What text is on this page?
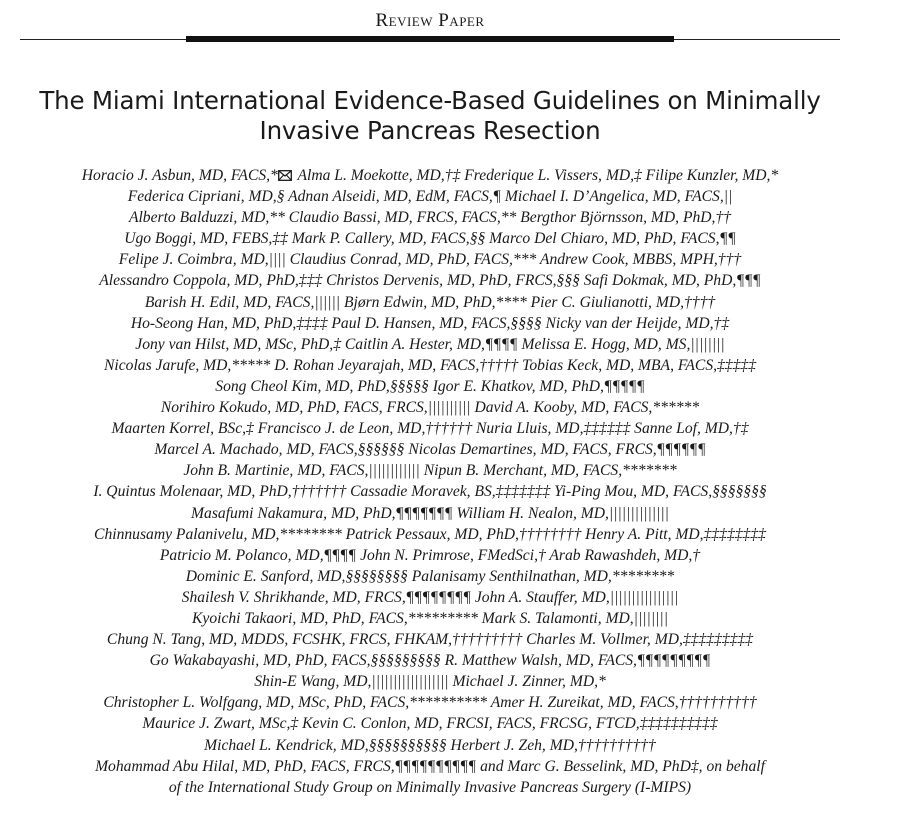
Review Paper
The Miami International Evidence-Based Guidelines on Minimally
Invasive Pancreas Resection
Horacio J. Asbun, MD, FACS,*
Alma L. Moekotte, MD,†‡ Frederique L. Vissers, MD,‡ Filipe Kunzler, MD,*
Federica Cipriani, MD,§ Adnan Alseidi, MD, EdM, FACS,¶ Michael I. D’Angelica, MD, FACS,||
Alberto Balduzzi, MD,** Claudio Bassi, MD, FRCS, FACS,** Bergthor Björnsson, MD, PhD,††
Ugo Boggi, MD, FEBS,‡‡ Mark P. Callery, MD, FACS,§§ Marco Del Chiaro, MD, PhD, FACS,¶¶
Felipe J. Coimbra, MD,|||| Claudius Conrad, MD, PhD, FACS,*** Andrew Cook, MBBS, MPH,†††
Alessandro Coppola, MD, PhD,‡‡‡ Christos Dervenis, MD, PhD, FRCS,§§§ Safi Dokmak, MD, PhD,¶¶¶
Barish H. Edil, MD, FACS,|||||| Bjørn Edwin, MD, PhD,**** Pier C. Giulianotti, MD,††††
Ho-Seong Han, MD, PhD,‡‡‡‡ Paul D. Hansen, MD, FACS,§§§§ Nicky van der Heijde, MD,†‡
Jony van Hilst, MD, MSc, PhD,‡ Caitlin A. Hester, MD,¶¶¶¶ Melissa E. Hogg, MD, MS,||||||||
Nicolas Jarufe, MD,***** D. Rohan Jeyarajah, MD, FACS,††††† Tobias Keck, MD, MBA, FACS,‡‡‡‡‡
Song Cheol Kim, MD, PhD,§§§§§ Igor E. Khatkov, MD, PhD,¶¶¶¶¶
Norihiro Kokudo, MD, PhD, FACS, FRCS,|||||||||| David A. Kooby, MD, FACS,******
Maarten Korrel, BSc,‡ Francisco J. de Leon, MD,†††††† Nuria Lluis, MD,‡‡‡‡‡‡ Sanne Lof, MD,†‡
Marcel A. Machado, MD, FACS,§§§§§§ Nicolas Demartines, MD, FACS, FRCS,¶¶¶¶¶¶
John B. Martinie, MD, FACS,|||||||||||| Nipun B. Merchant, MD, FACS,*******
I. Quintus Molenaar, MD, PhD,††††††† Cassadie Moravek, BS,‡‡‡‡‡‡‡ Yi-Ping Mou, MD, FACS,§§§§§§§
Masafumi Nakamura, MD, PhD,¶¶¶¶¶¶¶ William H. Nealon, MD,||||||||||||||
Chinnusamy Palanivelu, MD,******** Patrick Pessaux, MD, PhD,†††††††† Henry A. Pitt, MD,‡‡‡‡‡‡‡‡
Patricio M. Polanco, MD,¶¶¶¶ John N. Primrose, FMedSci,† Arab Rawashdeh, MD,†
Dominic E. Sanford, MD,§§§§§§§§ Palanisamy Senthilnathan, MD,********
Shailesh V. Shrikhande, MD, FRCS,¶¶¶¶¶¶¶¶ John A. Stauffer, MD,||||||||||||||||
Kyoichi Takaori, MD, PhD, FACS,********* Mark S. Talamonti, MD,||||||||
Chung N. Tang, MD, MDDS, FCSHK, FRCS, FHKAM,††††††††† Charles M. Vollmer, MD,‡‡‡‡‡‡‡‡‡
Go Wakabayashi, MD, PhD, FACS,§§§§§§§§§ R. Matthew Walsh, MD, FACS,¶¶¶¶¶¶¶¶¶
Shin-E Wang, MD,|||||||||||||||||| Michael J. Zinner, MD,*
Christopher L. Wolfgang, MD, MSc, PhD, FACS,********** Amer H. Zureikat, MD, FACS,††††††††††
Maurice J. Zwart, MSc,‡ Kevin C. Conlon, MD, FRCSI, FACS, FRCSG, FTCD,‡‡‡‡‡‡‡‡‡‡
Michael L. Kendrick, MD,§§§§§§§§§§ Herbert J. Zeh, MD,††††††††††
Mohammad Abu Hilal, MD, PhD, FACS, FRCS,¶¶¶¶¶¶¶¶¶¶ and Marc G. Besselink, MD, PhD‡, on behalf
of the International Study Group on Minimally Invasive Pancreas Surgery (I-MIPS)
